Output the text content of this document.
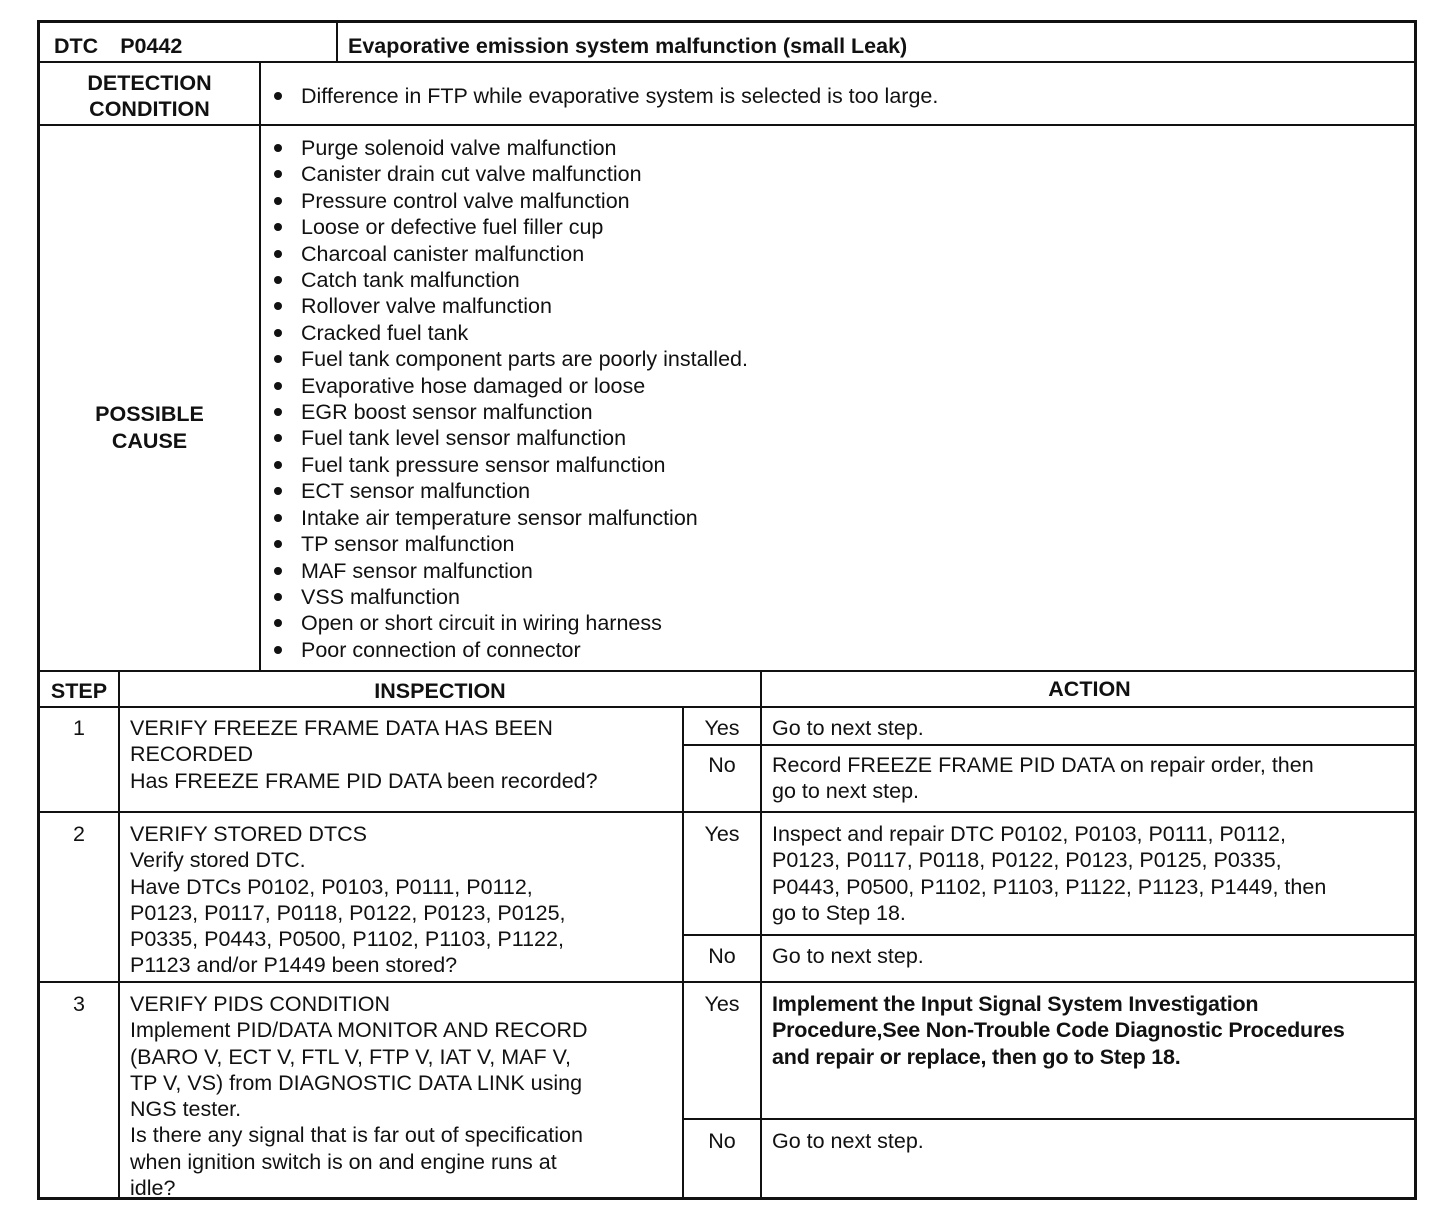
DTC P0442	Evaporative emission system malfunction (small Leak)
DETECTION
CONDITION
Difference in FTP while evaporative system is selected is too large.

POSSIBLE
CAUSE

Purge solenoid valve malfunction
Canister drain cut valve malfunction
Pressure control valve malfunction
Loose or defective fuel filler cup
Charcoal canister malfunction
Catch tank malfunction
Rollover valve malfunction
Cracked fuel tank
Fuel tank component parts are poorly installed.
Evaporative hose damaged or loose
EGR boost sensor malfunction
Fuel tank level sensor malfunction
Fuel tank pressure sensor malfunction
ECT sensor malfunction
Intake air temperature sensor malfunction
TP sensor malfunction
MAF sensor malfunction
VSS malfunction
Open or short circuit in wiring harness
Poor connection of connector
STEP	INSPECTION	ACTION
1	VERIFY FREEZE FRAME DATA HAS BEEN
RECORDED
Has FREEZE FRAME PID DATA been recorded?
Yes	Go to next step.
No	Record FREEZE FRAME PID DATA on repair order, then
go to next step.
2	VERIFY STORED DTCS
Verify stored DTC.
Have DTCs P0102, P0103, P0111, P0112,
P0123, P0117, P0118, P0122, P0123, P0125,
P0335, P0443, P0500, P1102, P1103, P1122,
P1123 and/or P1449 been stored?
Yes	Inspect and repair DTC P0102, P0103, P0111, P0112,
P0123, P0117, P0118, P0122, P0123, P0125, P0335,
P0443, P0500, P1102, P1103, P1122, P1123, P1449, then
go to Step 18.
No	Go to next step.
3	VERIFY PIDS CONDITION
Implement PID/DATA MONITOR AND RECORD
(BARO V, ECT V, FTL V, FTP V, IAT V, MAF V,
TP V, VS) from DIAGNOSTIC DATA LINK using
NGS tester.
Is there any signal that is far out of specification
when ignition switch is on and engine runs at
idle?
Yes	Implement the Input Signal System Investigation
Procedure,See Non-Trouble Code Diagnostic Procedures
and repair or replace, then go to Step 18.
No	Go to next step.
